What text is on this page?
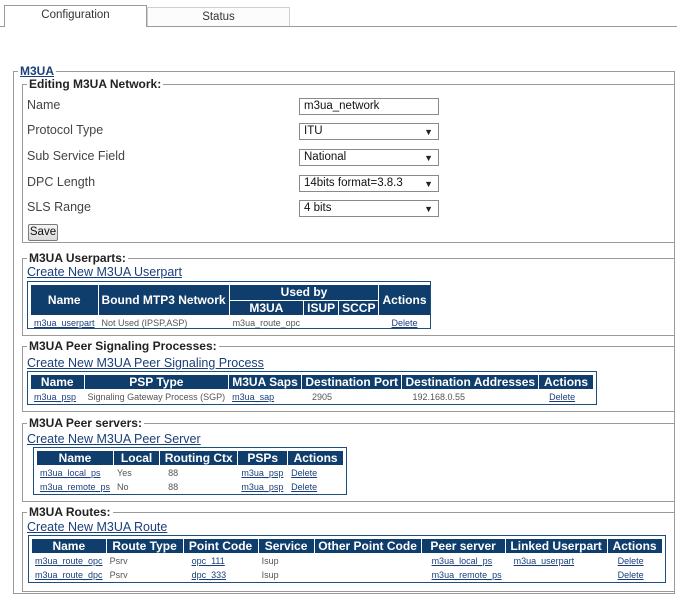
Configuration	Status
M3UA
Editing M3UA Network:
Name	m3ua_network
Protocol Type	ITU	▼
Sub Service Field	National	▼
DPC Length	14bits format=3.8.3 ▼
SLS Range	4 bits	▼
Save
M3UA Userparts:
Create New M3UA Userpart
Name	Bound MTP3 Network	Used by			Actions
		M3UA	ISUP	SCCP	
m3ua_userpart	Not Used (IPSP,ASP)	m3ua_route_opc			Delete
M3UA Peer Signaling Processes:
Create New M3UA Peer Signaling Process
Name	PSP Type	M3UA Saps	Destination Port	Destination Addresses	Actions
m3ua_psp	Signaling Gateway Process (SGP)	m3ua_sap	2905	192.168.0.55	Delete
M3UA Peer servers:
Create New M3UA Peer Server
Name	Local	Routing Ctx	PSPs	Actions
m3ua_local_ps	Yes	88	m3ua_psp	Delete
m3ua_remote_ps	No	88	m3ua_psp	Delete
M3UA Routes:
Create New M3UA Route
Name	Route Type	Point Code	Service	Other Point Code	Peer server	Linked Userpart	Actions
m3ua_route_opc	Psrv	opc_111	Isup		m3ua_local_ps	m3ua_userpart	Delete
m3ua_route_dpc	Psrv	dpc_333	Isup		m3ua_remote_ps		Delete
